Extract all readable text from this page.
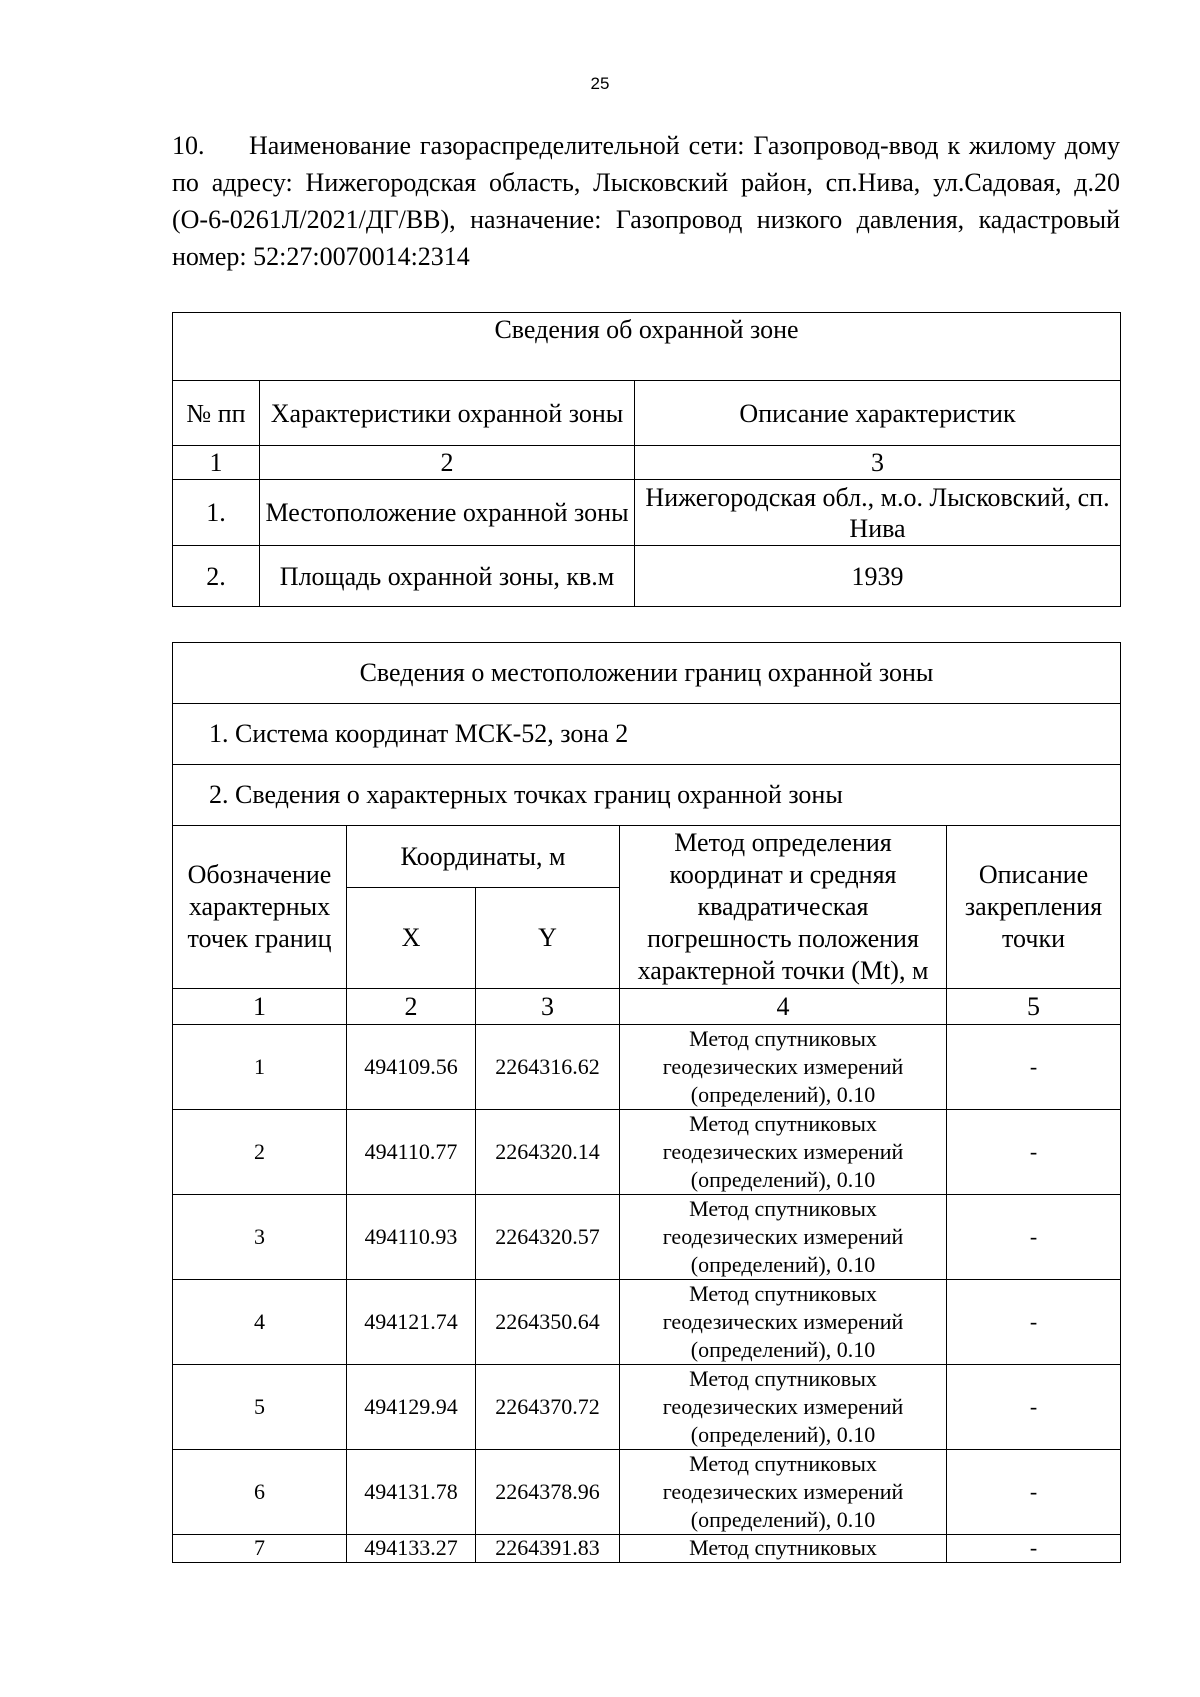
25

10. Наименование газораспределительной сети: Газопровод-ввод к жилому дому по адресу: Нижегородская область, Лысковский район, сп.Нива, ул.Садовая, д.20 (О-6-0261Л/2021/ДГ/ВВ), назначение: Газопровод низкого давления, кадастровый номер: 52:27:0070014:2314

Сведения об охранной зоне		
№ пп	Характеристики охранной зоны	Описание характеристик
1	2	3
1.	Местоположение охранной зоны	Нижегородская обл., м.о. Лысковский, сп. Нива
2.	Площадь охранной зоны, кв.м	1939
Сведения о местоположении границ охранной зоны				
1. Система координат МСК-52, зона 2				
2. Сведения о характерных точках границ охранной зоны				
Обозначение характерных точек границ	Координаты, м		Метод определения координат и средняя квадратическая погрешность положения характерной точки (Mt), м	Описание закрепления точки
	X	Y		
1	2	3	4	5
1	494109.56	2264316.62	Метод спутниковых геодезических измерений (определений), 0.10	-
2	494110.77	2264320.14	Метод спутниковых геодезических измерений (определений), 0.10	-
3	494110.93	2264320.57	Метод спутниковых геодезических измерений (определений), 0.10	-
4	494121.74	2264350.64	Метод спутниковых геодезических измерений (определений), 0.10	-
5	494129.94	2264370.72	Метод спутниковых геодезических измерений (определений), 0.10	-
6	494131.78	2264378.96	Метод спутниковых геодезических измерений (определений), 0.10	-
7	494133.27	2264391.83	Метод спутниковых	-
